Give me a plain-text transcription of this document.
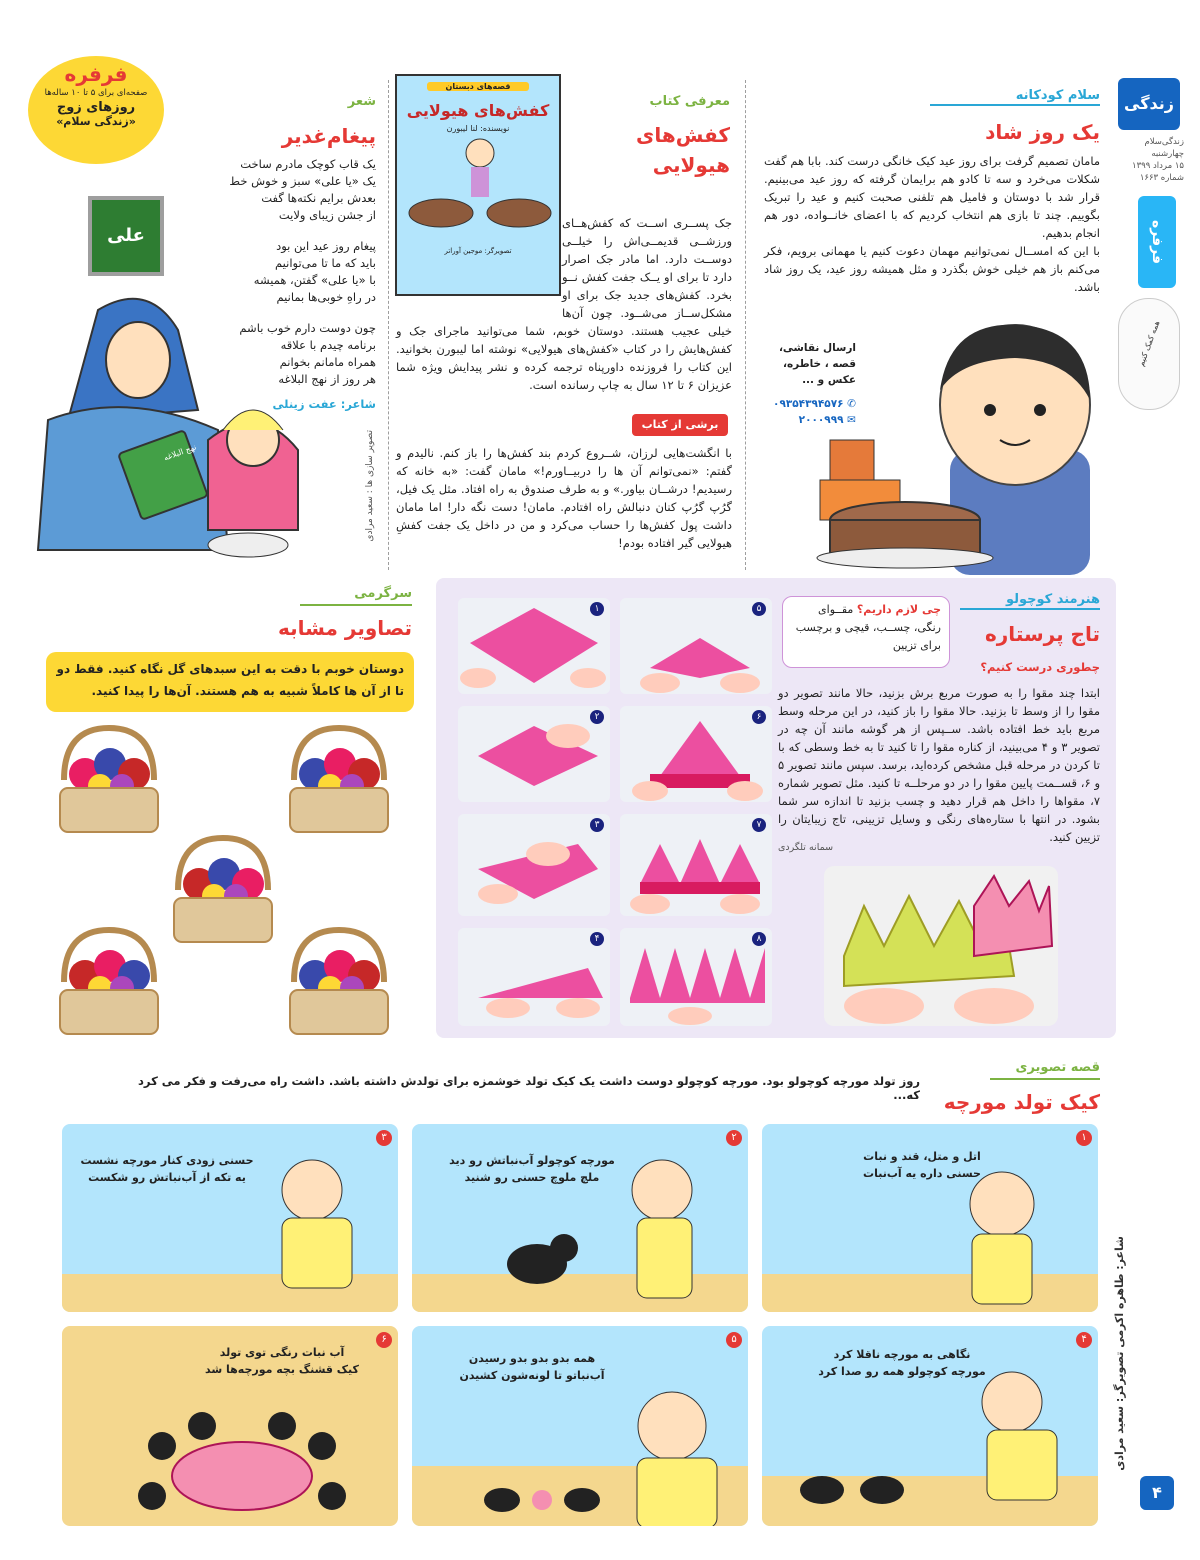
زندگی
زندگی‌سلام
چهارشنبه
۱۵ مرداد ۱۳۹۹
شماره ۱۶۶۳
فرفره
همه کمک کنیم
سلام کودکانه
یک روز شاد
مامان تصمیم گرفت برای روز عید کیک خانگی درست کند. بابا هم گفت شکلات می‌خرد و سه تا کادو هم برایمان گرفته که روز عید می‌بینیم. قرار شد با دوستان و فامیل هم تلفنی صحبت کنیم و عید را تبریک بگوییم. چند تا بازی هم انتخاب کردیم که با اعضای خانــواده، دور هم انجام بدهیم.
با این که امســال نمی‌توانیم مهمان دعوت کنیم یا مهمانی برویم، فکر می‌کنم باز هم خیلی خوش بگذرد و مثل همیشه روز عید، یک روز شاد باشد.
ارسال نقاشی، قصه ، خاطره، عکس و ...
✆ ۰۹۳۵۴۳۹۴۵۷۶
✉ ۲۰۰۰۹۹۹
معرفی کتاب
کفش‌های
هیولایی
قصه‌های دبستان
کفش‌های هیولایی
نویسنده: لنا لیبورن
تصویرگر: موجین آوراتر
جک پســری اســت که کفش‌هــای ورزشــی قدیمــی‌اش را خیلــی دوســت دارد. اما مادر جک اصرار دارد تا برای او یــک جفت کفش نــو بخرد. کفش‌های جدید جک برای او مشکل‌ســاز می‌شــود. چون آن‌ها خیلی عجیب هستند. دوستان خوبم، شما می‌توانید ماجرای جک و کفش‌هایش را در کتاب «کفش‌های هیولایی» نوشته اما لیبورن بخوانید. این کتاب را فروزنده داورپناه ترجمه کرده و نشر پیدایش ویژه شما عزیزان ۶ تا ۱۲ سال به چاپ رسانده است.
برشی از کتاب
با انگشت‌هایی لرزان، شــروع کردم بند کفش‌ها را باز کنم. نالیدم و گفتم: «نمی‌توانم آن ها را دربیــاورم!» مامان گفت: «به خانه که رسیدیم! درشــان بیاور.» و به طرف صندوق به راه افتاد. مثل یک فیل، گرُپ گرُپ کنان دنبالش راه افتادم. مامان! دست نگه دار! اما مامان داشت پول کفش‌ها را حساب می‌کرد و من در داخل یک جفت کفشِ هیولایی گیر افتاده بودم!
فرفره
صفحه‌ای برای ۵ تا ۱۰ ساله‌ها
روزهای زوج
«زندگی سلام»
شعر
پیغام‌غدیر
یک قاب کوچک مادرم ساخت
یک «یا علی» سبز و خوش خط
بعدش برایم نکته‌ها گفت
از جشن زیبای ولایت
پیغام روز عید این بود
باید که ما تا می‌توانیم
با «یا علی» گفتن، همیشه
در راهِ خوبی‌ها بمانیم
چون دوست دارم خوب باشم
برنامه چیدم با علاقه
همراه مامانم بخوانم
هر روز از نهج البلاغه
شاعر: عفت زینلی
علی
نهج البلاغه	تصویر سازی ها : سعید مرادی
هنرمند کوچولو
تاج پرستاره
چی لازم داریم؟ مقــوای رنگی، چســب، قیچی و برچسب برای تزیین
چطوری درست کنیم؟
ابتدا چند مقوا را به صورت مربع برش بزنید، حالا مانند تصویر دو مقوا را از وسط تا بزنید. حالا مقوا را باز کنید، در این مرحله وسط مربع باید خط افتاده باشد. ســپس از هر گوشه مانند آن چه در تصویر ۳ و ۴ می‌بینید، از کناره مقوا را تا کنید تا به خط وسطی که با تا کردن در مرحله قبل مشخص کرده‌اید، برسد. سپس مانند تصویر ۵ و ۶، قســمت پایین مقوا را در دو مرحلــه تا کنید. مثل تصویر شماره ۷، مقواها را داخل هم قرار دهید و چسب بزنید تا اندازه سر شما بشود. در انتها با ستاره‌های رنگی و وسایل تزیینی، تاج زیبایتان را تزیین کنید.
سمانه تلگردی
۵
۶
۷
۸
۱
۲
۳
۴
سرگرمی
تصاویر مشابه
دوستان خوبم با دقت به این سبدهای گل نگاه کنید. فقط دو تا از آن ها کاملاً شبیه به هم هستند. آن‌ها را پیدا کنید.
قصه تصویری
کیک تولد مورچه
روز تولد مورچه کوچولو بود. مورچه کوچولو دوست داشت یک کیک تولد خوشمزه برای تولدش داشته باشد. داشت راه می‌رفت و فکر می کرد که...
۱
اتل و متل، قند و نبات
حسنی داره یه آب‌نبات
۲
مورچه کوچولو آب‌نباتش رو دید
ملچ ملوچ حسنی رو شنید
۳
حسنی زودی کنار مورچه نشست
یه تکه از آب‌نباتش رو شکست
۴
نگاهی به مورچه ناقلا کرد
مورچه کوچولو همه رو صدا کرد
۵
همه بدو بدو بدو رسیدن
آب‌نباتو تا لونه‌شون کشیدن
۶
آب نبات رنگی توی تولد
کیک قشنگ بچه مورچه‌ها شد	شاعر: طاهره اکرمی تصویرگر: سعید مرادی
۴
